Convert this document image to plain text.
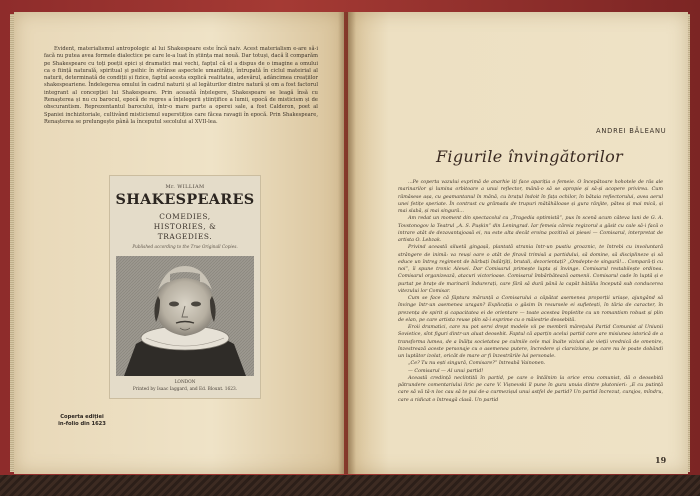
Evident, materialismul antropologic al lui Shakespeare este încă naiv. Acest materialism e-are să-i facă nu putea avea formele dialectice pe care le-a luat în știința mai nouă. Dar totuși, dacă îl comparăm pe Shakespeare cu toți poeții epici și dramatici mai vechi, fapțul că el a dispus de o imagine a omului ca o ființă naturală, spiritual și psihic în strânse aspectele umanității, întrupată în ciclul mateirial al naturii, determinată de condiții și fizice, faptul acesta explică realitatea, adevărul, adâncimea creațiilor shakespeariene. Îndelegerea omului în cadrul naturii și al legăturilor dintre natură și om a fost factorul integrant al concepției lui Shakespeare. Prin această înțelegere, Shakespeare se leagă însă cu Renașterea și nu cu barocul, epocă de regres a înțelegerii științifice a lumii, epocă de misticism și de obscurantism. Reprezentantul barocului, într-o mare parte a operei sale, a fost Calderon, poet al Spaniei inchizitoriale, cultivând misticismul superstițios care făcea ravagii în epocă. Prin Shakespeare, Renașterea se prelungește până la începutul secolului al XVII-lea.

Mr. WILLIAM
SHAKESPEARES
COMEDIES,
HISTORIES, &
TRAGEDIES.
Published according to the True Originall Copies.
LONDON
Printed by Isaac Iaggard, and Ed. Blount. 1623.
Coperta ediției in-folio din 1623
ANDREI BĂLEANU
Figurile învingătorilor

...Pe coperta vazului exprimă de anarhie iți face apariția o femeie. O începătoare hohotele de râs ale marinarilor și lumina orbitoare a unui reflector, mână-o să se apropie și să-și acopere privirea. Cum rămâsese așa, cu geamantanul în mână, cu brațul îndoit în fața ochilor, în bătaia reflectorului, avea aerul unei fetițe speriate. În contrast cu grămada de trupuri mătăhăloase și gura rânjite, pătea și mai mică, și mai slabă, și mai singură...

Am redat un moment din spectacolul cu „Tragedia optimistă”, pus în scenă acum câteva luni de G. A. Tovstonogov la Teatrul „A. S. Pușkin” din Leningrad. Iar femeia căreia regizorul a găsit cu cale să-i facă o intrare atât de dezavantajoasă ei, nu este alta decât eroina pozitivă ai piesei — Comisarul, interpretat de artista O. Lebzak.

Privind această siluetă gingașă, plantată strania într-un pustiu groaznic, te întrebi cu involuntară strângere de inimă: va reuși oare o atât de firavă trimisă a partidului, să domine, să disciplineze și să educe un întreg regiment de bărbați îndârjiți, brutali, dezorientați? „Omdepte-te singură!... Compară-ți cu noi”, îi spune tronic Alexei. Dar Comisarul primește lupta și învinge. Comisarul restabilește ordinea. Comisarul organizează, atacuri victorioase. Comisarul îmbărbătează oamenii. Comisarul cade în luptă și e purtat pe brațe de marinarii îndurerați, care fără să dură până la capăt bătălia începută sub conducerea vitezului lor Comisar.

Cum se face că făptura mărunță a Comisarului a căpătat asemenea proporții uriașe, ajungând să învinge într-un asemenea uragan? Explicația o găsim în resursele ei sufletești, în tăria de caracter, în prezența de spirit și capacitatea ei de orientare — toate acestea împletite cu un romantism robust și plin de elan, pe care artista reuse plin să-i exprime cu o măiestrie deosebită.

Eroii dramatici, care nu pot servi drept modele vii pe membrii mărețului Partid Comunist al Uniunii Sovietice, sînt figuri dintr-un aluat deosebit. Faptul că aparțin acelui partid care are misiunea istorică de a transforma lumea, de a înălța societatea pe culmile cele mai înalte viziuni ale vieții vrednică de omenire, înzestrează aceste personaje cu o asemenea putere, încredere și clarviziune, pe care nu le poate dobândi un luptător izolat, oricât de mare ar fi înzestrările lui personale.

„Ce? Tu nu ești singură, Comisare?” întreabă Vainonen.

— Comisarul — Al unui partid!

Această credință neclintită în partid, pe care o întâlnim la orice erou comunist, dă o deosebită pătrundere comentariului liric pe care V. Vișnevski îl pune în gura unuia dintre plutonieri: „E cu putință care să vă tă-n loc cau să te pui de-a curmezișul unui astfel de partid? Un partid încrezut, curajos, mîndru, care a ridicat o întreagă clasă. Un partid

19
